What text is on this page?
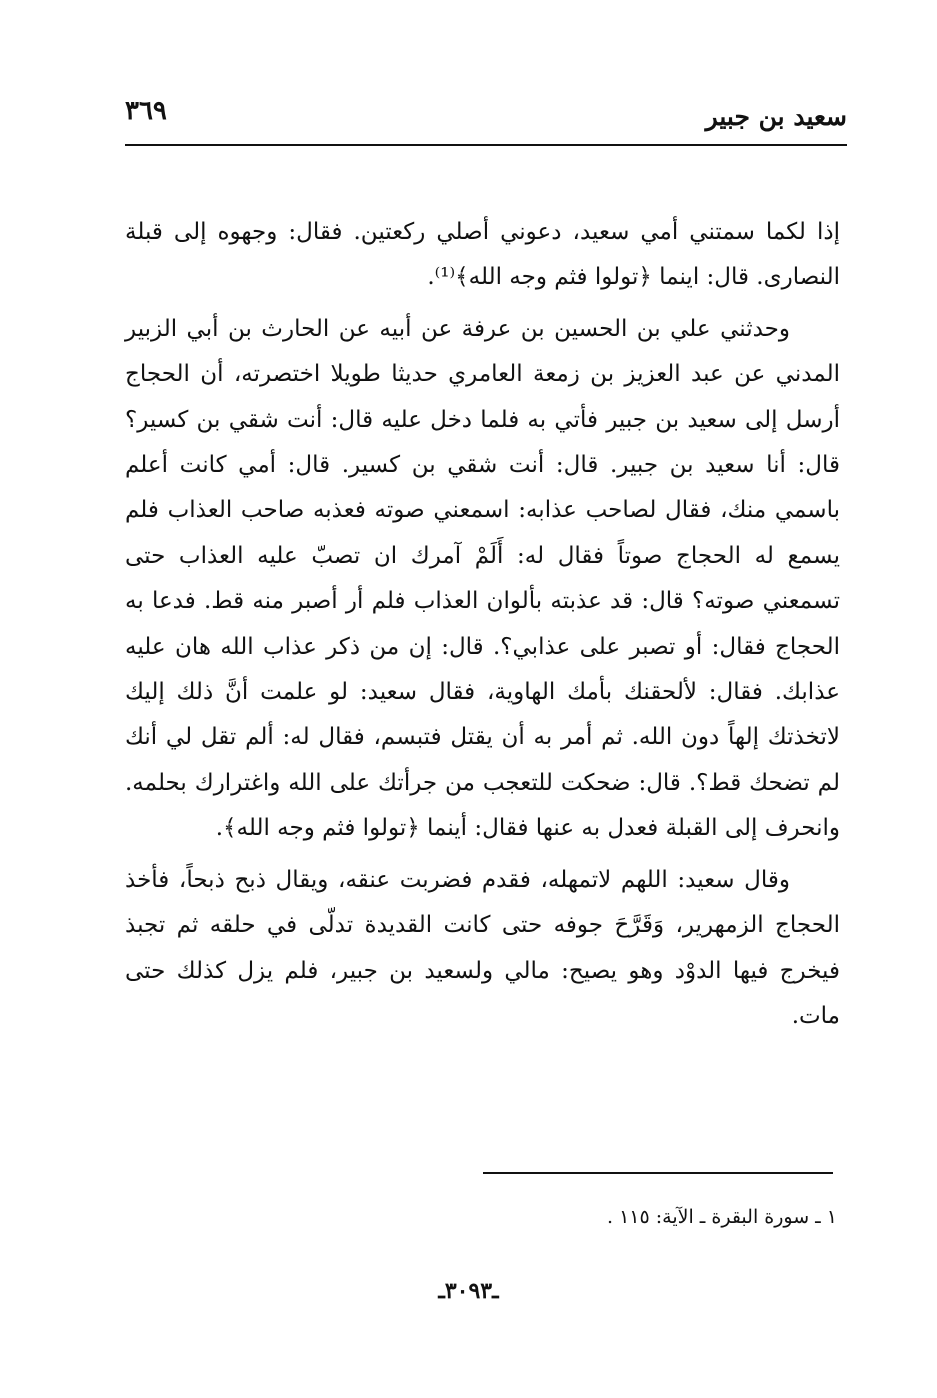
سعيد بن جبير
٣٦٩

إذا لكما سمتني أمي سعيد، دعوني أصلي ركعتين. فقال: وجهوه إلى قبلة النصارى. قال: اينما ﴿تولوا فثم وجه الله﴾⁽¹⁾.

وحدثني علي بن الحسين بن عرفة عن أبيه عن الحارث بن أبي الزبير المدني عن عبد العزيز بن زمعة العامري حديثا طويلا اختصرته، أن الحجاج أرسل إلى سعيد بن جبير فأتي به فلما دخل عليه قال: أنت شقي بن كسير؟ قال: أنا سعيد بن جبير. قال: أنت شقي بن كسير. قال: أمي كانت أعلم باسمي منك، فقال لصاحب عذابه: اسمعني صوته فعذبه صاحب العذاب فلم يسمع له الحجاج صوتاً فقال له: أَلَمْ آمرك ان تصبّ عليه العذاب حتى تسمعني صوته؟ قال: قد عذبته بألوان العذاب فلم أر أصبر منه قط. فدعا به الحجاج فقال: أو تصبر على عذابي؟. قال: إن من ذكر عذاب الله هان عليه عذابك. فقال: لألحقنك بأمك الهاوية، فقال سعيد: لو علمت أنَّ ذلك إليك لاتخذتك إلهاً دون الله. ثم أمر به أن يقتل فتبسم، فقال له: ألم تقل لي أنك لم تضحك قط؟. قال: ضحكت للتعجب من جرأتك على الله واغترارك بحلمه. وانحرف إلى القبلة فعدل به عنها فقال: أينما ﴿تولوا فثم وجه الله﴾.

وقال سعيد: اللهم لاتمهله، فقدم فضربت عنقه، ويقال ذبح ذبحاً، فأخذ الحجاج الزمهرير، وَقَرَّحَ جوفه حتى كانت القديدة تدلّى في حلقه ثم تجبذ فيخرج فيها الدوْد وهو يصيح: مالي ولسعيد بن جبير، فلم يزل كذلك حتى مات.

١ ـ سورة البقرة ـ الآية: ١١٥ .
ـ٣٠٩٣ـ
